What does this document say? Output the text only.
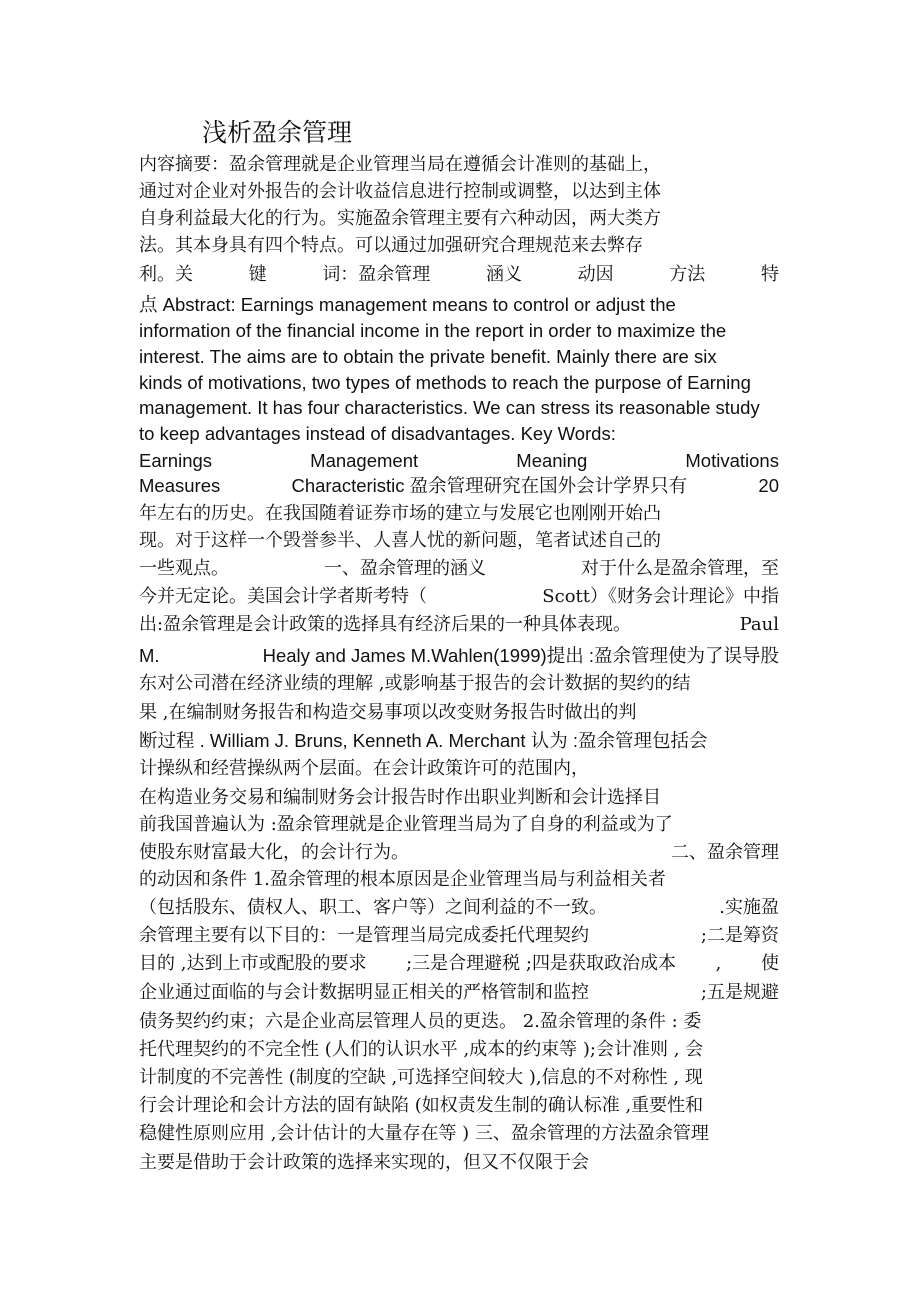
浅析盈余管理
内容摘要：盈余管理就是企业管理当局在遵循会计准则的基础上，
通过对企业对外报告的会计收益信息进行控制或调整，以达到主体
自身利益最大化的行为。实施盈余管理主要有六种动因，两大类方
法。其本身具有四个特点。可以通过加强研究合理规范来去弊存
利。关	键	词：盈余管理	涵义	动因	方法	特
点 Abstract: Earnings management means to control or adjust the
information of the financial income in the report in order to maximize the
interest. The aims are to obtain the private benefit. Mainly there are six
kinds of motivations, two types of methods to reach the purpose of Earning
management. It has four characteristics. We can stress its reasonable study
to keep advantages instead of disadvantages. Key Words:
Earnings	Management	Meaning	Motivations
Measures	Characteristic 盈余管理研究在国外会计学界只有	20
年左右的历史。在我国随着证券市场的建立与发展它也刚刚开始凸
现。对于这样一个毁誉参半、人喜人忧的新问题，笔者试述自己的
一些观点。	一、盈余管理的涵义	对于什么是盈余管理，至
今并无定论。美国会计学者斯考特（	Scott）《财务会计理论》中指
出:盈余管理是会计政策的选择具有经济后果的一种具体表现。	Paul
M.	Healy and James M.Wahlen(1999)提出 :盈余管理使为了误导股
东对公司潜在经济业绩的理解 ,或影响基于报告的会计数据的契约的结
果 ,在编制财务报告和构造交易事项以改变财务报告时做出的判
断过程 . William J. Bruns, Kenneth A. Merchant 认为 :盈余管理包括会
计操纵和经营操纵两个层面。在会计政策许可的范围内，
在构造业务交易和编制财务会计报告时作出职业判断和会计选择目
前我国普遍认为 :盈余管理就是企业管理当局为了自身的利益或为了
使股东财富最大化，的会计行为。	二、盈余管理
的动因和条件 1.盈余管理的根本原因是企业管理当局与利益相关者
（包括股东、债权人、职工、客户等）之间利益的不一致。	.实施盈
余管理主要有以下目的：一是管理当局完成委托代理契约	;二是筹资
目的 ,达到上市或配股的要求 ;三是合理避税 ;四是获取政治成本 , 使
企业通过面临的与会计数据明显正相关的严格管制和监控	;五是规避
债务契约约束；六是企业高层管理人员的更迭。 2.盈余管理的条件 : 委
托代理契约的不完全性 (人们的认识水平 ,成本的约束等 );会计准则 , 会
计制度的不完善性 (制度的空缺 ,可选择空间较大 ),信息的不对称性 , 现
行会计理论和会计方法的固有缺陷 (如权责发生制的确认标准 ,重要性和
稳健性原则应用 ,会计估计的大量存在等 ) 三、盈余管理的方法盈余管理
主要是借助于会计政策的选择来实现的，但又不仅限于会
